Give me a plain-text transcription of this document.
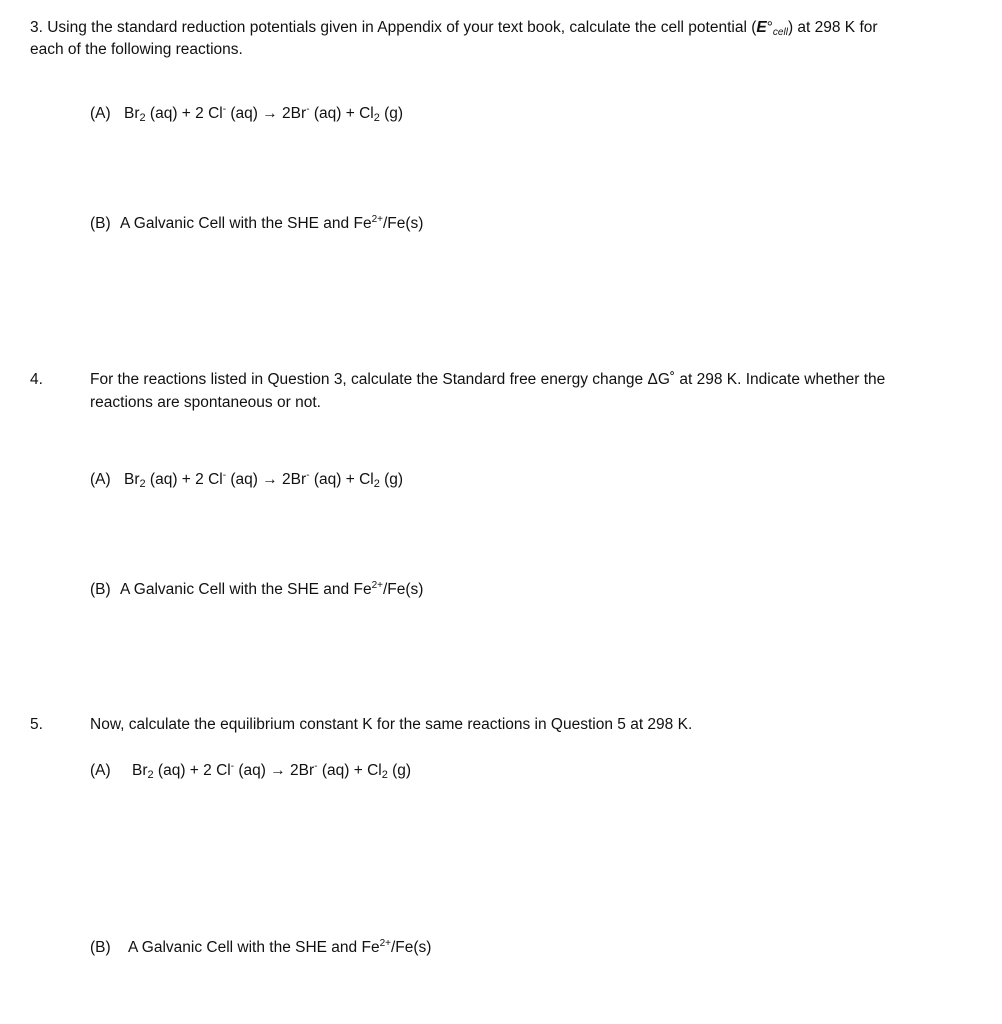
3. Using the standard reduction potentials given in Appendix of your text book, calculate the cell potential (E°cell) at 298 K for
each of the following reactions.
(A) Br2 (aq) + 2 Cl- (aq) → 2Br- (aq) + Cl2 (g)
(B) A Galvanic Cell with the SHE and $Fe^{2+}/Fe(s)$
4.	For the reactions listed in Question 3, calculate the Standard free energy change ΔG˚ at 298 K. Indicate whether the
reactions are spontaneous or not.
(A) Br2 (aq) + 2 Cl- (aq) → 2Br- (aq) + Cl2 (g)
(B) A Galvanic Cell with the SHE and $Fe^{2+}/Fe(s)$
5.	Now, calculate the equilibrium constant K for the same reactions in Question 5 at 298 K.
(A) Br2 (aq) + 2 Cl- (aq) → 2Br- (aq) + Cl2 (g)
(B) A Galvanic Cell with the SHE and $Fe^{2+}/Fe(s)$
